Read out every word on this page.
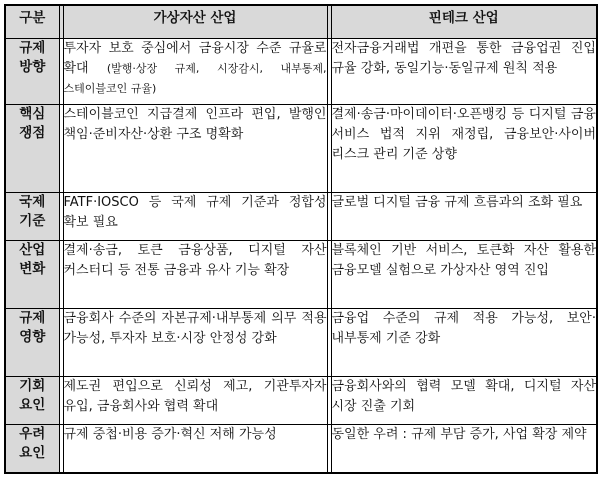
구분		가상자산 산업		핀테크 산업

규제
방향		투자자 보호 중심에서 금융시장 수준 규율로 확대 (발행·상장 규제, 시장감시, 내부통제, 스테이블코인 규율)		전자금융거래법 개편을 통한 금융업권 진입 규율 강화, 동일기능·동일규제 원칙 적용

핵심
쟁점		스테이블코인 지급결제 인프라 편입, 발행인 책임·준비자산·상환 구조 명확화		결제·송금·마이데이터·오픈뱅킹 등 디지털 금융 서비스 법적 지위 재정립, 금융보안·사이버 리스크 관리 기준 상향

국제
기준		FATF·IOSCO 등 국제 규제 기준과 정합성 확보 필요		글로벌 디지털 금융 규제 흐름과의 조화 필요

산업
변화		결제·송금, 토큰 금융상품, 디지털 자산 커스터디 등 전통 금융과 유사 기능 확장		블록체인 기반 서비스, 토큰화 자산 활용한 금융모델 실험으로 가상자산 영역 진입

규제
영향		금융회사 수준의 자본규제·내부통제 의무 적용 가능성, 투자자 보호·시장 안정성 강화		금융업 수준의 규제 적용 가능성, 보안·내부통제 기준 강화

기회
요인		제도권 편입으로 신뢰성 제고, 기관투자자 유입, 금융회사와 협력 확대		금융회사와의 협력 모델 확대, 디지털 자산 시장 진출 기회

우려
요인		규제 중첩·비용 증가·혁신 저해 가능성		동일한 우려 : 규제 부담 증가, 사업 확장 제약
